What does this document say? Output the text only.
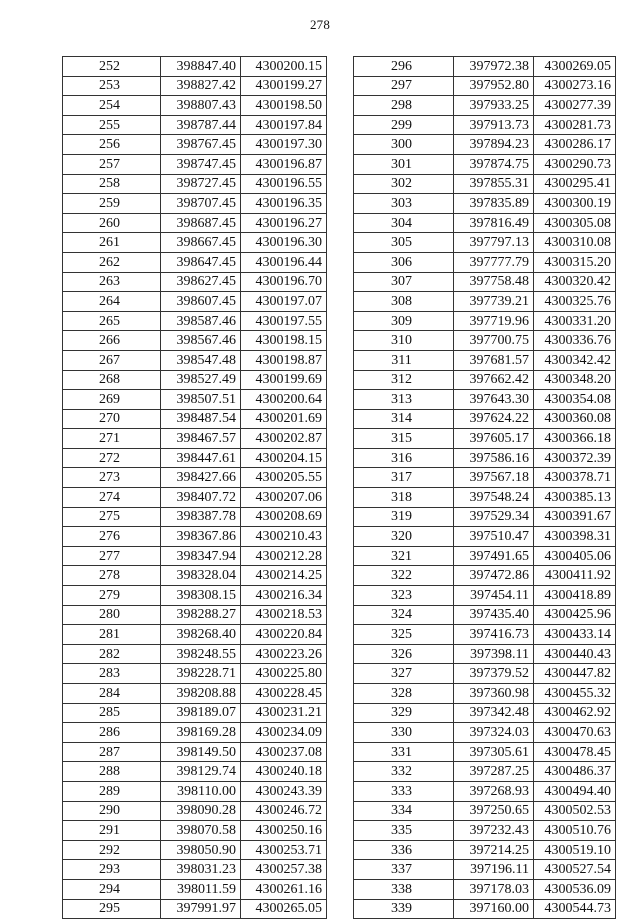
278
252	398847.40	4300200.15
253	398827.42	4300199.27
254	398807.43	4300198.50
255	398787.44	4300197.84
256	398767.45	4300197.30
257	398747.45	4300196.87
258	398727.45	4300196.55
259	398707.45	4300196.35
260	398687.45	4300196.27
261	398667.45	4300196.30
262	398647.45	4300196.44
263	398627.45	4300196.70
264	398607.45	4300197.07
265	398587.46	4300197.55
266	398567.46	4300198.15
267	398547.48	4300198.87
268	398527.49	4300199.69
269	398507.51	4300200.64
270	398487.54	4300201.69
271	398467.57	4300202.87
272	398447.61	4300204.15
273	398427.66	4300205.55
274	398407.72	4300207.06
275	398387.78	4300208.69
276	398367.86	4300210.43
277	398347.94	4300212.28
278	398328.04	4300214.25
279	398308.15	4300216.34
280	398288.27	4300218.53
281	398268.40	4300220.84
282	398248.55	4300223.26
283	398228.71	4300225.80
284	398208.88	4300228.45
285	398189.07	4300231.21
286	398169.28	4300234.09
287	398149.50	4300237.08
288	398129.74	4300240.18
289	398110.00	4300243.39
290	398090.28	4300246.72
291	398070.58	4300250.16
292	398050.90	4300253.71
293	398031.23	4300257.38
294	398011.59	4300261.16
295	397991.97	4300265.05
296	397972.38	4300269.05
297	397952.80	4300273.16
298	397933.25	4300277.39
299	397913.73	4300281.73
300	397894.23	4300286.17
301	397874.75	4300290.73
302	397855.31	4300295.41
303	397835.89	4300300.19
304	397816.49	4300305.08
305	397797.13	4300310.08
306	397777.79	4300315.20
307	397758.48	4300320.42
308	397739.21	4300325.76
309	397719.96	4300331.20
310	397700.75	4300336.76
311	397681.57	4300342.42
312	397662.42	4300348.20
313	397643.30	4300354.08
314	397624.22	4300360.08
315	397605.17	4300366.18
316	397586.16	4300372.39
317	397567.18	4300378.71
318	397548.24	4300385.13
319	397529.34	4300391.67
320	397510.47	4300398.31
321	397491.65	4300405.06
322	397472.86	4300411.92
323	397454.11	4300418.89
324	397435.40	4300425.96
325	397416.73	4300433.14
326	397398.11	4300440.43
327	397379.52	4300447.82
328	397360.98	4300455.32
329	397342.48	4300462.92
330	397324.03	4300470.63
331	397305.61	4300478.45
332	397287.25	4300486.37
333	397268.93	4300494.40
334	397250.65	4300502.53
335	397232.43	4300510.76
336	397214.25	4300519.10
337	397196.11	4300527.54
338	397178.03	4300536.09
339	397160.00	4300544.73
